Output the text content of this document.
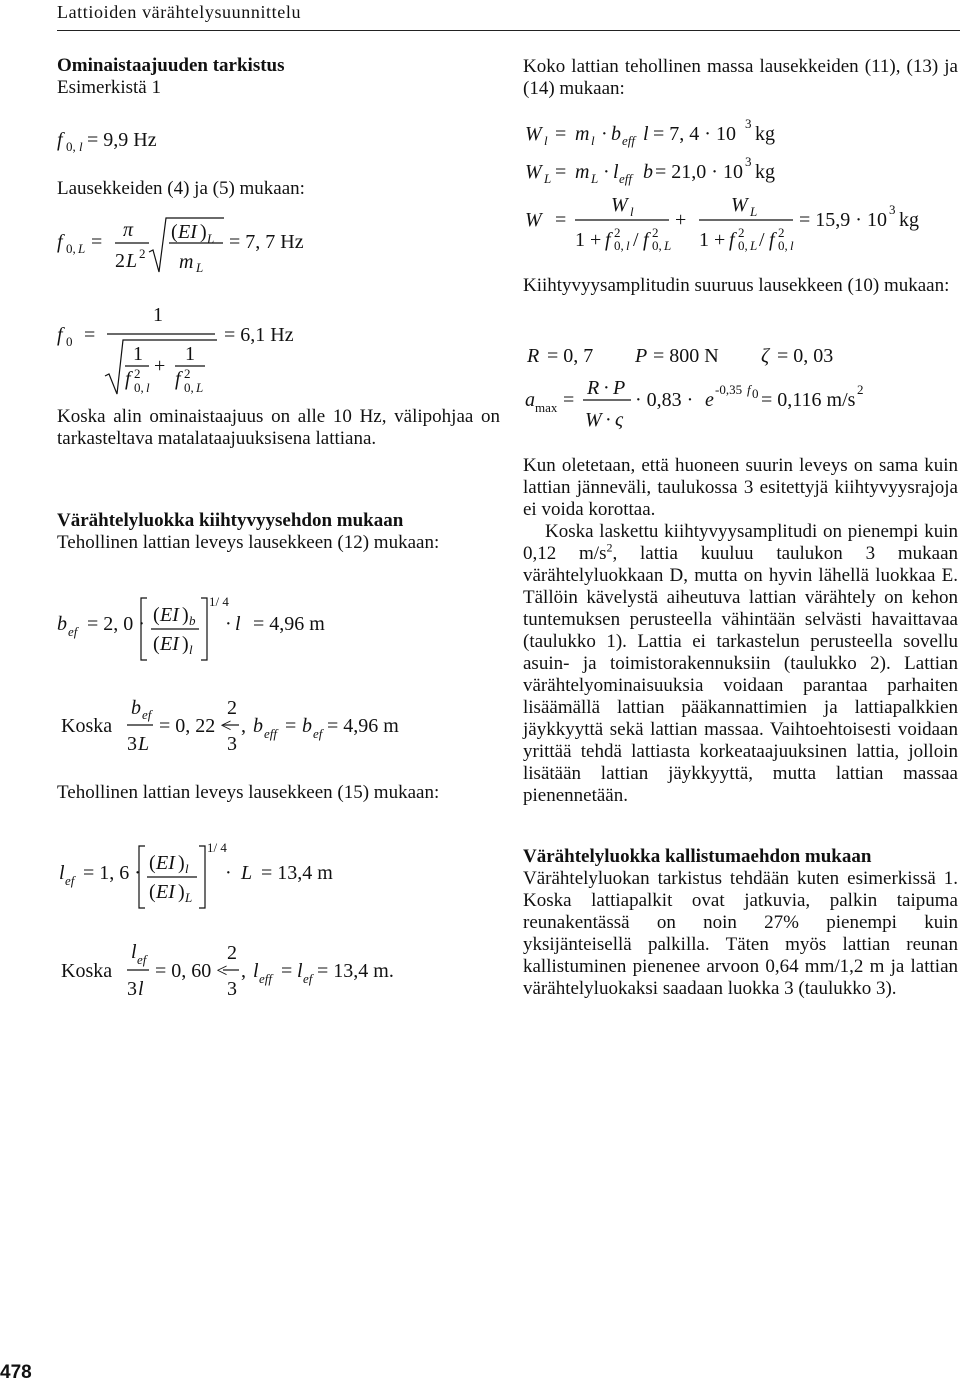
Lattioiden värähtelysuunnittelu

Ominaistaajuuden tarkistus

Esimerkistä 1

f 0, l = 9,9 Hz

Lausekkeiden (4) ja (5) mukaan:

f 0, L =
π
2 L 2
( EI ) L
m L
= 7, 7 Hz
f 0 =
1
1
f 2
0, l
+
1
f 2
0, L
= 6,1 Hz

Koska alin ominaistaajuus on alle 10 Hz, välipohjaa on tarkasteltava matalataajuuksisena lattiana.

Värähtelyluokka kiihtyvyysehdon mukaan

Tehollinen lattian leveys lausekkeen (12) mukaan:

b ef = 2, 0 · ( EI ) b
( EI ) l
1/ 4
· l = 4,96 m
Koska
b ef
3 L
= 0, 22 <
2
3
, b eff = b ef = 4,96 m

Tehollinen lattian leveys lausekkeen (15) mukaan:

l ef = 1, 6 · ( EI ) l
( EI ) L
1/ 4
· L = 13,4 m
Koska
l ef
3 l
= 0, 60 <
2
3
, l eff = l ef = 13,4 m.

Koko lattian tehollinen massa lausekkeiden (11), (13) ja (14) mukaan:

W l = m l · b eff l = 7, 4 · 10 3 kg
W L = m L · l eff b = 21,0 · 10 3 kg
W =
W l
1 + f 2
0, l / f 2
0, L
+
W L
1 + f 2
0, L / f 2
0, l
= 15,9 · 10 3 kg

Kiihtyvyysamplitudin suuruus lausekkeen (10) mukaan:

R = 0, 7 P = 800 N ζ = 0, 03
a max =
R · P
W · ς
· 0,83 · e -0,35 f 0 = 0,116 m/s 2

Kun oletetaan, että huoneen suurin leveys on sama kuin lattian jänneväli, taulukossa 3 esitettyjä kiihtyvyysrajoja ei voida korottaa.

Koska laskettu kiihtyvyysamplitudi on pienempi kuin 0,12 $m/s^2$, lattia kuuluu taulukon 3 mukaan värähtelyluokkaan D, mutta on hyvin lähellä luokkaa E. Tällöin kävelystä aiheutuva lattian värähtely on kehon tuntemuksen perusteella vähintään selvästi havaittavaa (taulukko 1). Lattia ei tarkastelun perusteella sovellu asuin- ja toimistorakennuksiin (taulukko 2). Lattian värähtelyominaisuuksia voidaan parantaa parhaiten lisäämällä lattian pääkannattimien ja lattiapalkkien jäykkyyttä sekä lattian massaa. Vaihtoehtoisesti voidaan yrittää tehdä lattiasta korkeataajuuksinen lattia, jolloin lisätään lattian jäykkyyttä, mutta lattian massaa pienennetään.

Värähtelyluokka kallistumaehdon mukaan

Värähtelyluokan tarkistus tehdään kuten esimerkissä 1. Koska lattiapalkit ovat jatkuvia, palkin taipuma reunakentässä on noin 27% pienempi kuin yksijänteisellä palkilla. Täten myös lattian reunan kallistuminen pienenee arvoon 0,64 mm/1,2 m ja lattian värähtelyluokaksi saadaan luokka 3 (taulukko 3).

478
